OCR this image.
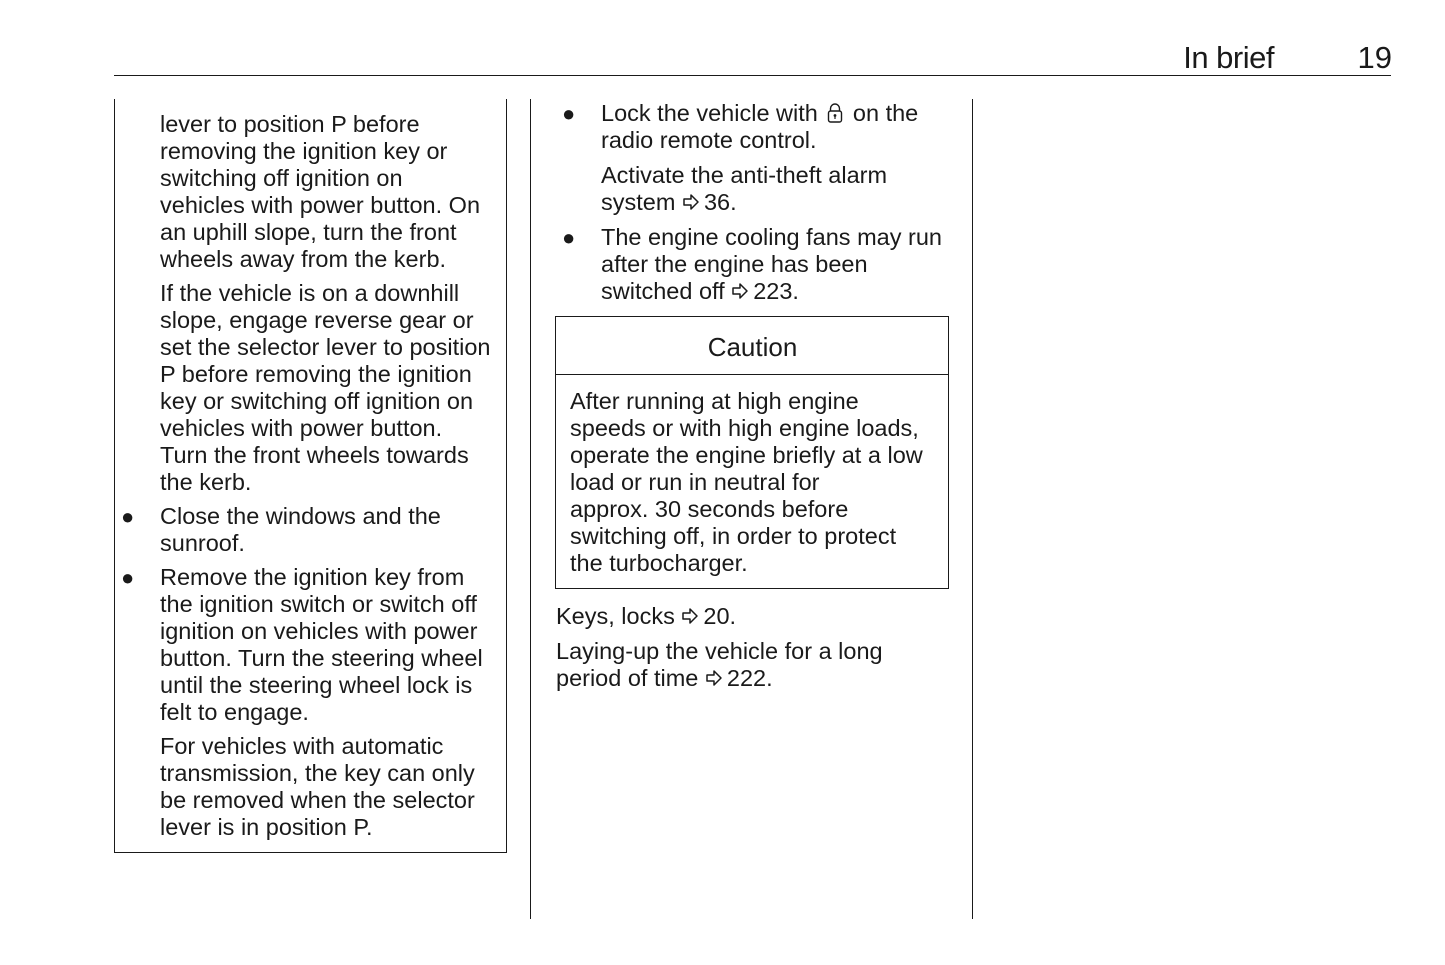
In brief	19
lever to position P before
removing the ignition key or
switching off ignition on
vehicles with power button. On
an uphill slope, turn the front
wheels away from the kerb.
If the vehicle is on a downhill
slope, engage reverse gear or
set the selector lever to position
P before removing the ignition
key or switching off ignition on
vehicles with power button.
Turn the front wheels towards
the kerb.
● Close the windows and the
sunroof.
● Remove the ignition key from
the ignition switch or switch off
ignition on vehicles with power
button. Turn the steering wheel
until the steering wheel lock is
felt to engage.
For vehicles with automatic
transmission, the key can only
be removed when the selector
lever is in position P.
● Lock the vehicle with on the
radio remote control.
Activate the anti-theft alarm
system 36.
● The engine cooling fans may run
after the engine has been
switched off 223.
Caution
After running at high engine
speeds or with high engine loads,
operate the engine briefly at a low
load or run in neutral for
approx. 30 seconds before
switching off, in order to protect
the turbocharger.
Keys, locks 20.
Laying-up the vehicle for a long
period of time 222.
